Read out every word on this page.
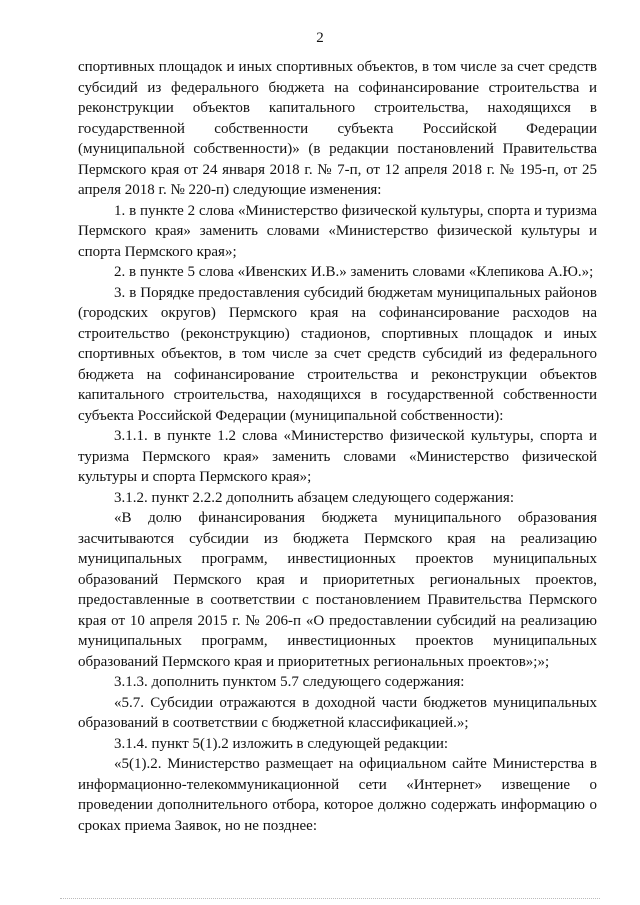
2

спортивных площадок и иных спортивных объектов, в том числе за счет средств субсидий из федерального бюджета на софинансирование строительства и реконструкции объектов капитального строительства, находящихся в государственной собственности субъекта Российской Федерации (муниципальной собственности)» (в редакции постановлений Правительства Пермского края от 24 января 2018 г. № 7-п, от 12 апреля 2018 г. № 195-п, от 25 апреля 2018 г. № 220-п) следующие изменения:

1. в пункте 2 слова «Министерство физической культуры, спорта и туризма Пермского края» заменить словами «Министерство физической культуры и спорта Пермского края»;

2. в пункте 5 слова «Ивенских И.В.» заменить словами «Клепикова А.Ю.»;

3. в Порядке предоставления субсидий бюджетам муниципальных районов (городских округов) Пермского края на софинансирование расходов на строительство (реконструкцию) стадионов, спортивных площадок и иных спортивных объектов, в том числе за счет средств субсидий из федерального бюджета на софинансирование строительства и реконструкции объектов капитального строительства, находящихся в государственной собственности субъекта Российской Федерации (муниципальной собственности):

3.1.1. в пункте 1.2 слова «Министерство физической культуры, спорта и туризма Пермского края» заменить словами «Министерство физической культуры и спорта Пермского края»;

3.1.2. пункт 2.2.2 дополнить абзацем следующего содержания:

«В долю финансирования бюджета муниципального образования засчитываются субсидии из бюджета Пермского края на реализацию муниципальных программ, инвестиционных проектов муниципальных образований Пермского края и приоритетных региональных проектов, предоставленные в соответствии с постановлением Правительства Пермского края от 10 апреля 2015 г. № 206-п «О предоставлении субсидий на реализацию муниципальных программ, инвестиционных проектов муниципальных образований Пермского края и приоритетных региональных проектов»;»;

3.1.3. дополнить пунктом 5.7 следующего содержания:

«5.7. Субсидии отражаются в доходной части бюджетов муниципальных образований в соответствии с бюджетной классификацией.»;

3.1.4. пункт 5(1).2 изложить в следующей редакции:

«5(1).2. Министерство размещает на официальном сайте Министерства в информационно-телекоммуникационной сети «Интернет» извещение о проведении дополнительного отбора, которое должно содержать информацию о сроках приема Заявок, но не позднее:
